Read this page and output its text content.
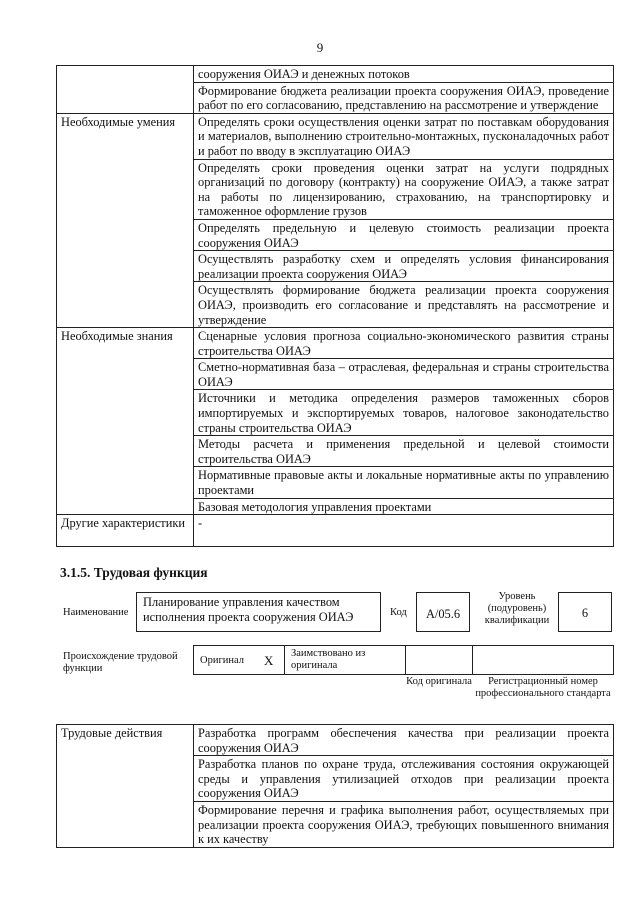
9
	сооружения ОИАЭ и денежных потоков
	Формирование бюджета реализации проекта сооружения ОИАЭ, проведение работ по его согласованию, представлению на рассмотрение и утверждение
Необходимые умения	Определять сроки осуществления оценки затрат по поставкам оборудования и материалов, выполнению строительно-монтажных, пусконаладочных работ и работ по вводу в эксплуатацию ОИАЭ
	Определять сроки проведения оценки затрат на услуги подрядных организаций по договору (контракту) на сооружение ОИАЭ, а также затрат на работы по лицензированию, страхованию, на транспортировку и таможенное оформление грузов
	Определять предельную и целевую стоимость реализации проекта сооружения ОИАЭ
	Осуществлять разработку схем и определять условия финансирования реализации проекта сооружения ОИАЭ
	Осуществлять формирование бюджета реализации проекта сооружения ОИАЭ, производить его согласование и представлять на рассмотрение и утверждение
Необходимые знания	Сценарные условия прогноза социально-экономического развития страны строительства ОИАЭ
	Сметно-нормативная база – отраслевая, федеральная и страны строительства ОИАЭ
	Источники и методика определения размеров таможенных сборов импортируемых и экспортируемых товаров, налоговое законодательство страны строительства ОИАЭ
	Методы расчета и применения предельной и целевой стоимости строительства ОИАЭ
	Нормативные правовые акты и локальные нормативные акты по управлению проектами
	Базовая методология управления проектами
Другие характеристики	-
3.1.5. Трудовая функция
Наименование
Планирование управления качеством исполнения проекта сооружения ОИАЭ	Код	A/05.6
Уровень (подуровень) квалификации
6
Происхождение трудовой функции
Оригинал X Заимствовано из оригинала
Код оригинала	Регистрационный номер профессионального стандарта
Трудовые действия	Разработка программ обеспечения качества при реализации проекта сооружения ОИАЭ
Разработка планов по охране труда, отслеживания состояния окружающей среды и управления утилизацией отходов при реализации проекта сооружения ОИАЭ
Формирование перечня и графика выполнения работ, осуществляемых при реализации проекта сооружения ОИАЭ, требующих повышенного внимания к их качеству
